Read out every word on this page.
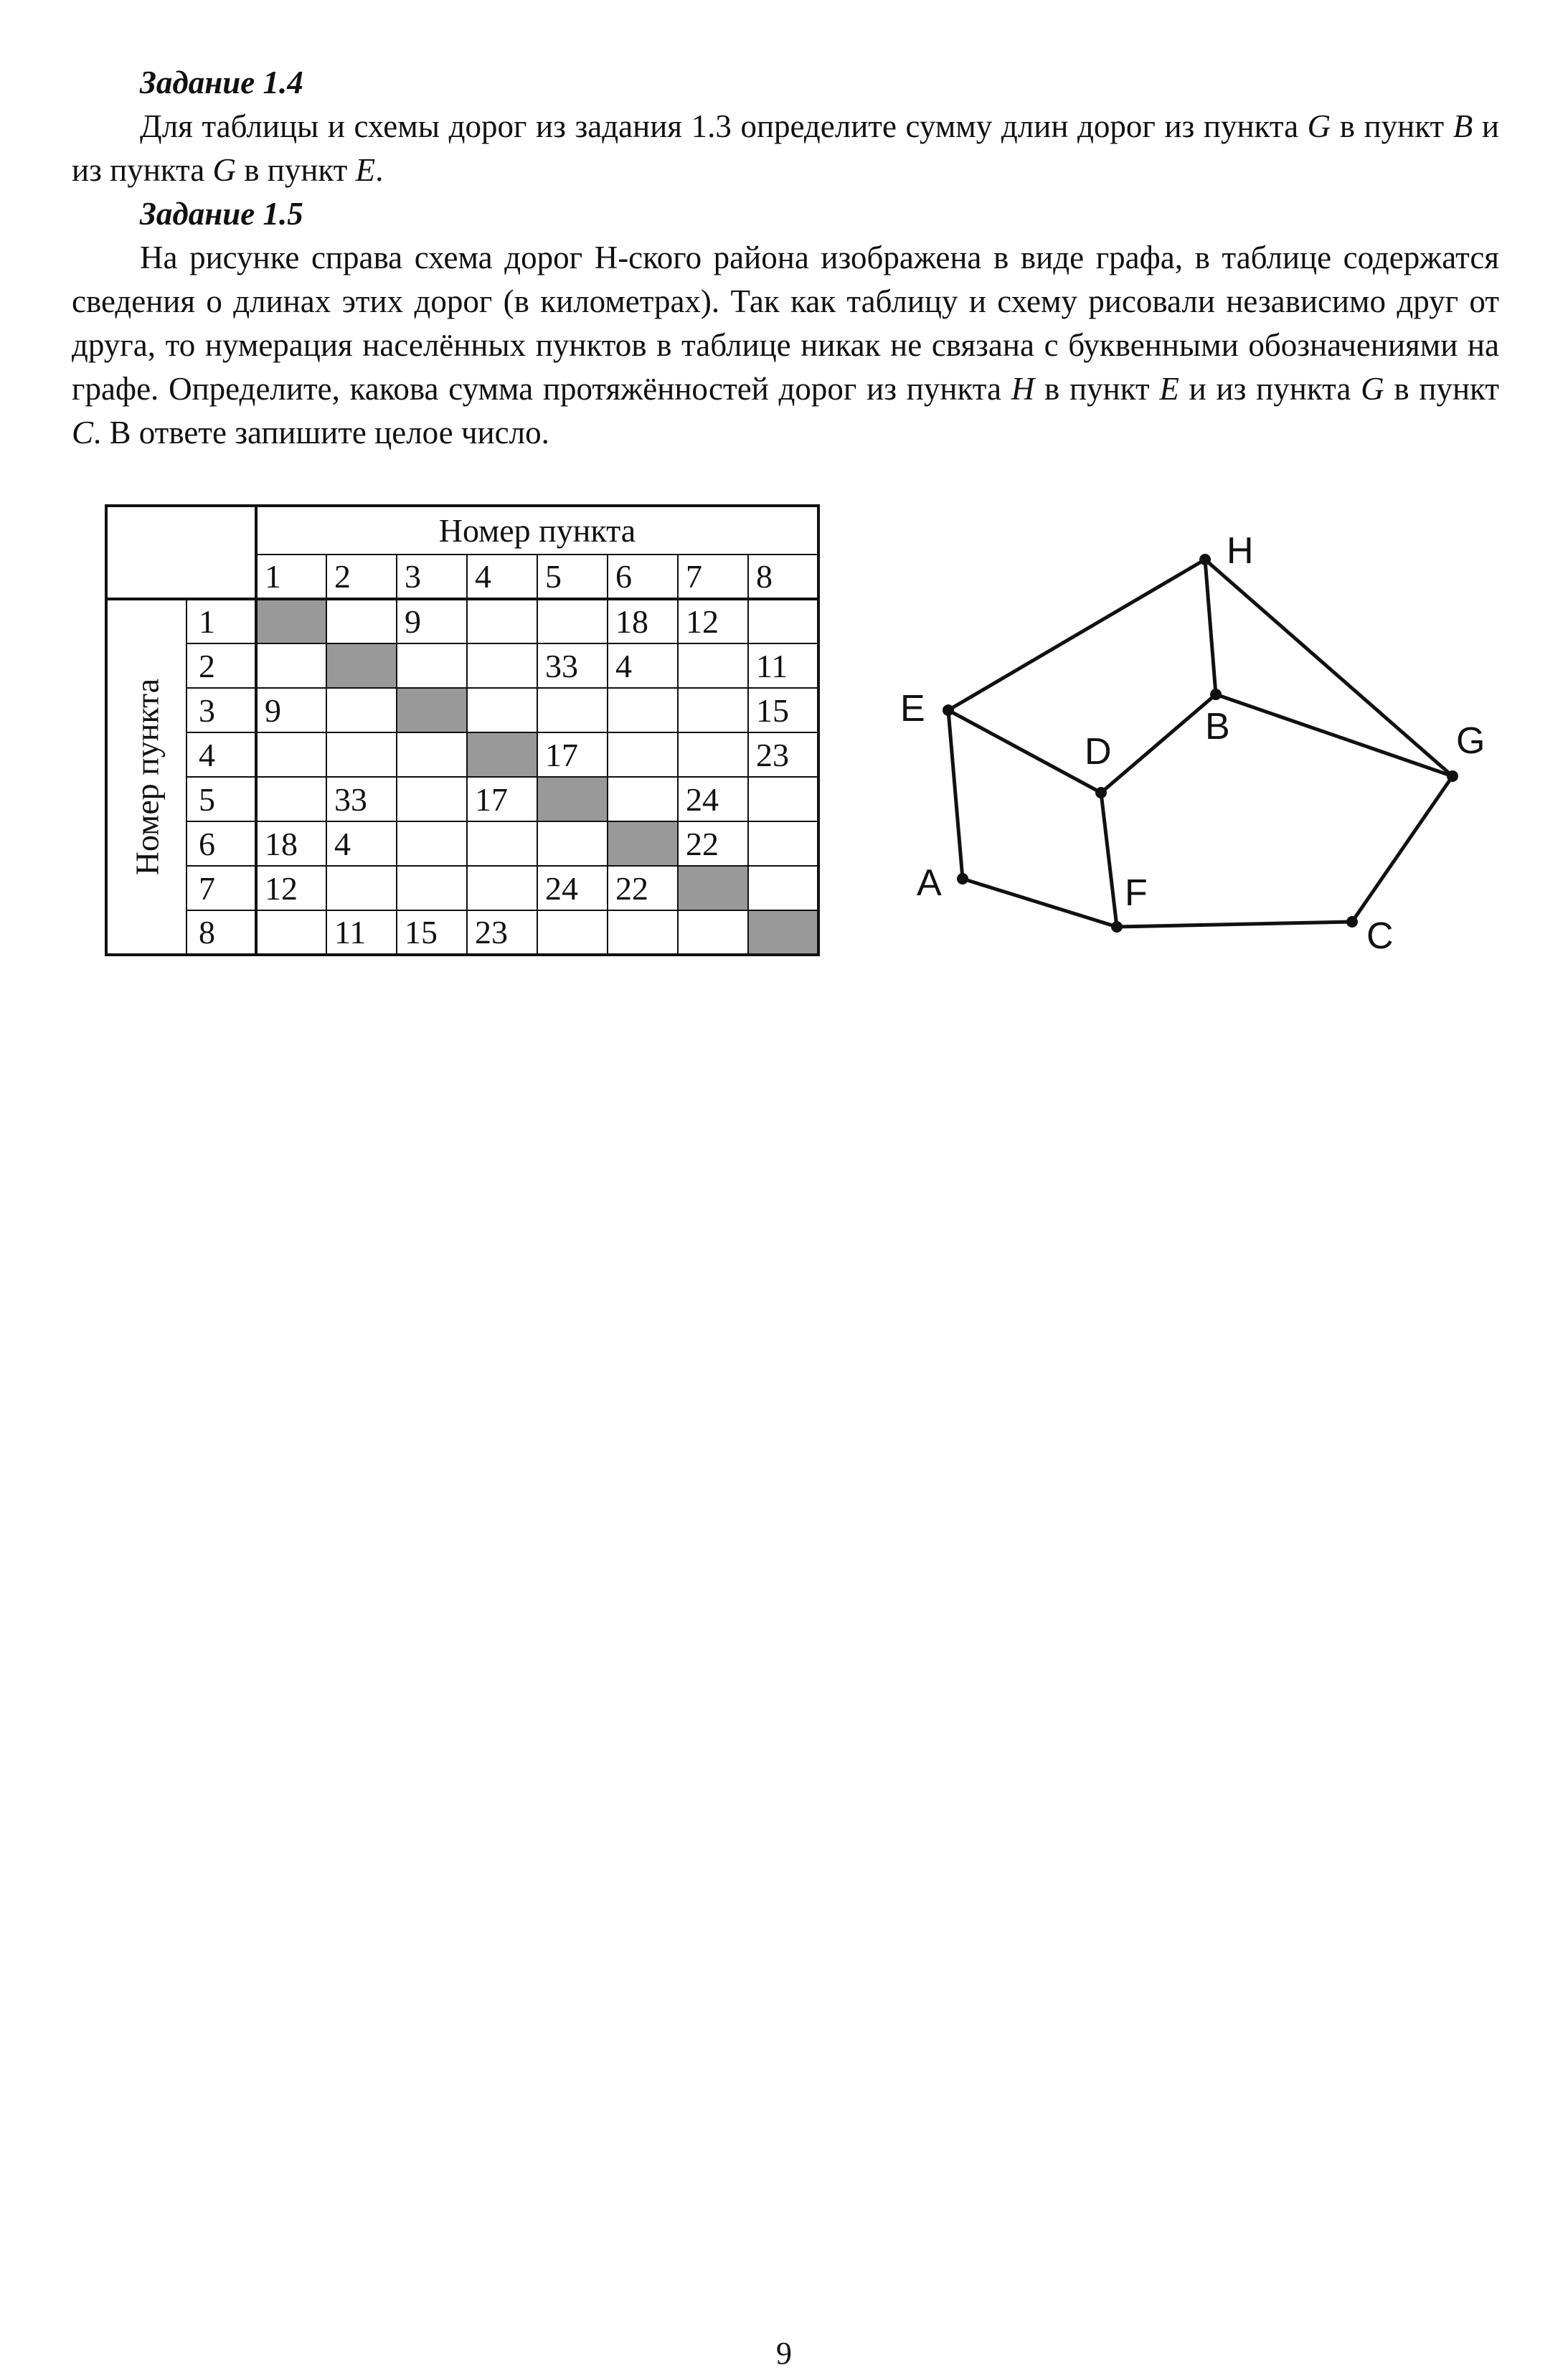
Задание 1.4
Для таблицы и схемы дорог из задания 1.3 определите сумму длин дорог из пункта G в пункт B и из пункта G в пункт E.
Задание 1.5
На рисунке справа схема дорог Н-ского района изображена в виде графа, в таблице содержатся сведения о длинах этих дорог (в километрах). Так как таблицу и схему рисовали независимо друг от друга, то нумерация населённых пунктов в таблице никак не связана с буквенными обозначениями на графе. Определите, какова сумма протяжённостей дорог из пункта H в пункт E и из пункта G в пункт C. В ответе запишите целое число.
		Номер пункта							
		1	2	3	4	5	6	7	8

Номер пункта	1			9			18	12	
	2					33	4		11
	3	9							15
	4					17			23
	5		33		17			24	
	6	18	4					22	
	7	12				24	22		
	8		11	15	23				
H
E	B
D	G
A	F
C
9
